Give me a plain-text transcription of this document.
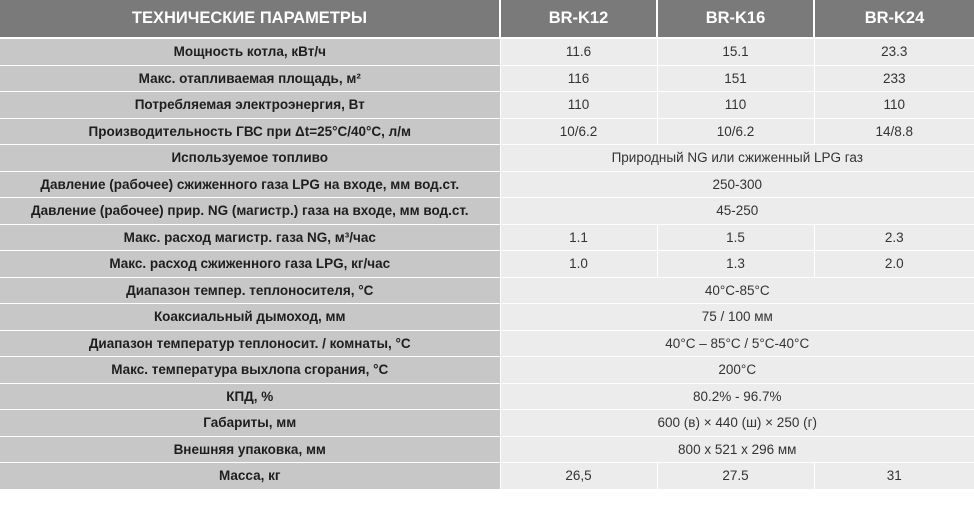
ТЕХНИЧЕСКИЕ ПАРАМЕТРЫ	BR-K12	BR-K16	BR-K24
Мощность котла, кВт/ч	11.6	15.1	23.3
Макс. отапливаемая площадь, м²	116	151	233
Потребляемая электроэнергия, Вт	110	110	110
Производительность ГВС при Δt=25°C/40°C, л/м	10/6.2	10/6.2	14/8.8
Используемое топливо	Природный NG или сжиженный LPG газ		
Давление (рабочее) сжиженного газа LPG на входе, мм вод.ст.	250-300		
Давление (рабочее) прир. NG (магистр.) газа на входе, мм вод.ст.	45-250		
Макс. расход магистр. газа NG, м³/час	1.1	1.5	2.3
Макс. расход сжиженного газа LPG, кг/час	1.0	1.3	2.0
Диапазон темпер. теплоносителя, °C	40°C-85°C		
Коаксиальный дымоход, мм	75 / 100 мм		
Диапазон температур теплоносит. / комнаты, °C	40°C – 85°C / 5°C-40°C		
Макс. температура выхлопа сгорания, °C	200°C		
КПД, %	80.2% - 96.7%		
Габариты, мм	600 (в) × 440 (ш) × 250 (г)		
Внешняя упаковка, мм	800 x 521 x 296 мм		
Масса, кг	26,5	27.5	31
